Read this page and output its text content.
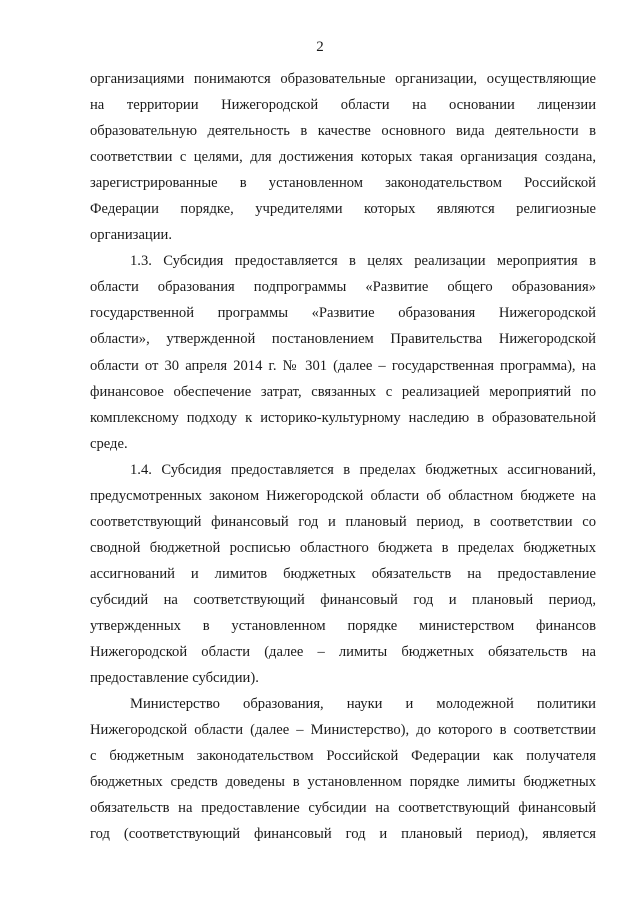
2
организациями понимаются образовательные организации, осуществляющие
на территории Нижегородской области на основании лицензии
образовательную деятельность в качестве основного вида деятельности в
соответствии с целями, для достижения которых такая организация создана,
зарегистрированные в установленном законодательством Российской
Федерации порядке, учредителями которых являются религиозные
организации.
1.3. Субсидия предоставляется в целях реализации мероприятия в
области образования подпрограммы «Развитие общего образования»
государственной программы «Развитие образования Нижегородской
области», утвержденной постановлением Правительства Нижегородской
области от 30 апреля 2014 г. № 301 (далее – государственная программа), на
финансовое обеспечение затрат, связанных с реализацией мероприятий по
комплексному подходу к историко-культурному наследию в образовательной
среде.
1.4. Субсидия предоставляется в пределах бюджетных ассигнований,
предусмотренных законом Нижегородской области об областном бюджете на
соответствующий финансовый год и плановый период, в соответствии со
сводной бюджетной росписью областного бюджета в пределах бюджетных
ассигнований и лимитов бюджетных обязательств на предоставление
субсидий на соответствующий финансовый год и плановый период,
утвержденных в установленном порядке министерством финансов
Нижегородской области (далее – лимиты бюджетных обязательств на
предоставление субсидии).
Министерство образования, науки и молодежной политики
Нижегородской области (далее – Министерство), до которого в соответствии
с бюджетным законодательством Российской Федерации как получателя
бюджетных средств доведены в установленном порядке лимиты бюджетных
обязательств на предоставление субсидии на соответствующий финансовый
год (соответствующий финансовый год и плановый период), является
